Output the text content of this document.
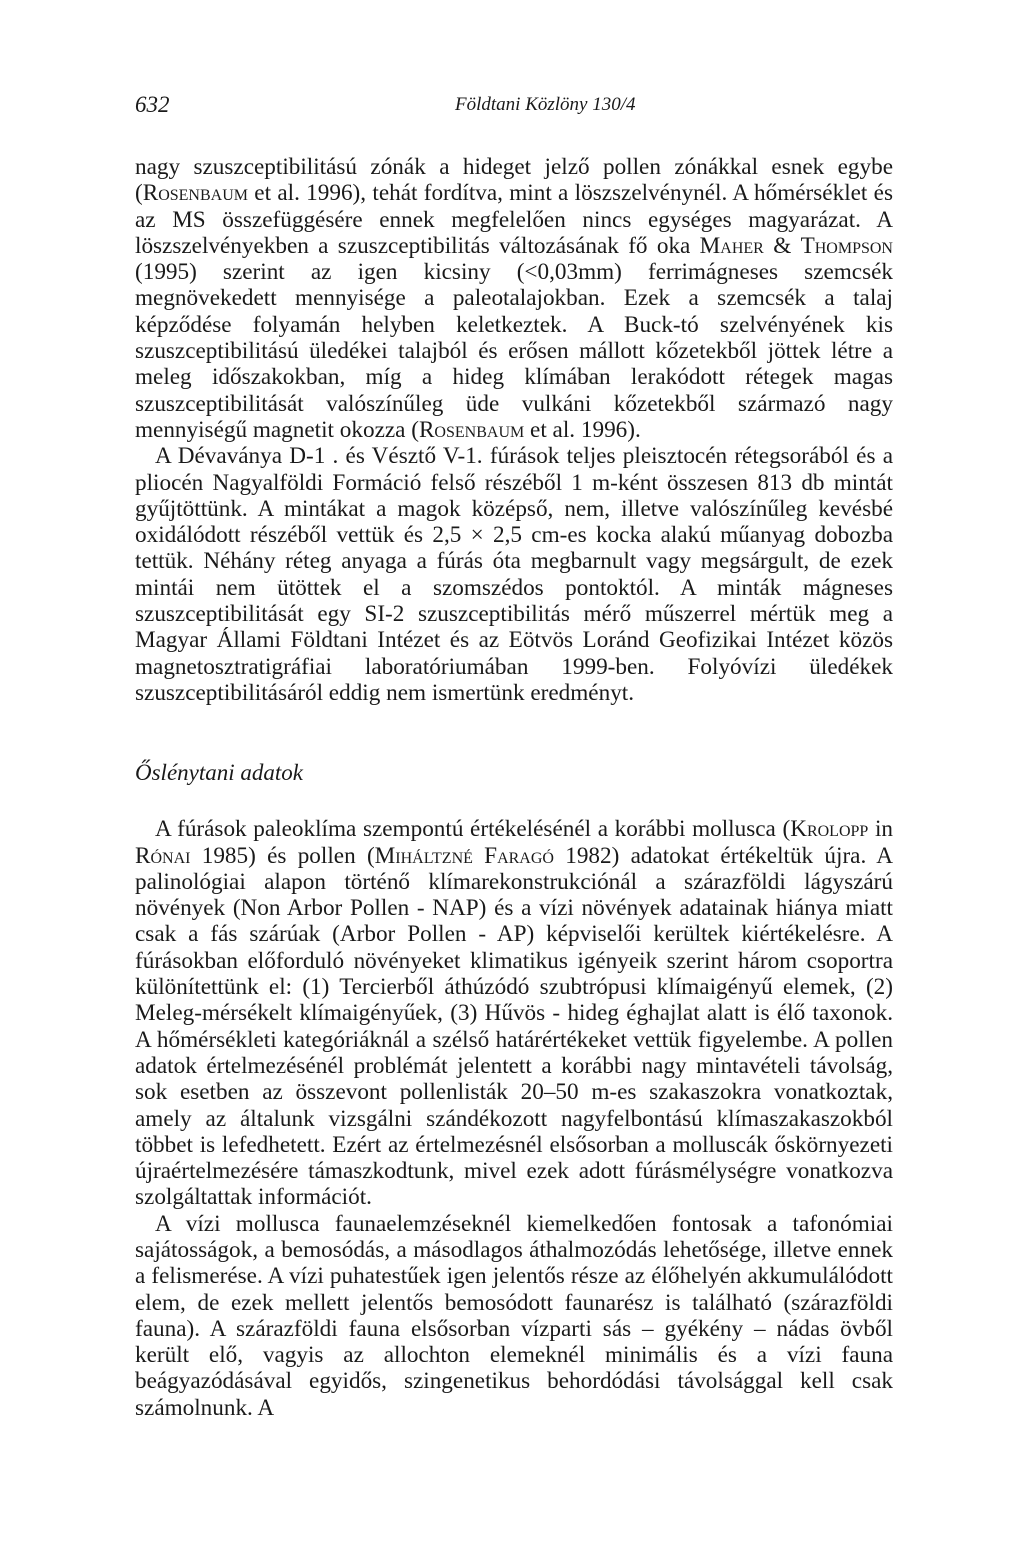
632	Földtani Közlöny 130/4

nagy szuszceptibilitású zónák a hideget jelző pollen zónákkal esnek egybe (Rosenbaum et al. 1996), tehát fordítva, mint a löszszelvénynél. A hőmérséklet és az MS összefüggésére ennek megfelelően nincs egységes magyarázat. A löszszelvényekben a szuszceptibilitás változásának fő oka Maher & Thompson (1995) szerint az igen kicsiny (<0,03mm) ferrimágneses szemcsék megnövekedett mennyisége a paleotalajokban. Ezek a szemcsék a talaj képződése folyamán helyben keletkeztek. A Buck-tó szelvényének kis szuszceptibilitású üledékei talajból és erősen mállott kőzetekből jöttek létre a meleg időszakokban, míg a hideg klímában lerakódott rétegek magas szuszceptibilitását valószínűleg üde vulkáni kőzetekből származó nagy mennyiségű magnetit okozza (Rosenbaum et al. 1996).

A Dévaványa D-1 . és Vésztő V-1. fúrások teljes pleisztocén rétegsorából és a pliocén Nagyalföldi Formáció felső részéből 1 m-ként összesen 813 db mintát gyűjtöttünk. A mintákat a magok középső, nem, illetve valószínűleg kevésbé oxidálódott részéből vettük és 2,5 × 2,5 cm-es kocka alakú műanyag dobozba tettük. Néhány réteg anyaga a fúrás óta megbarnult vagy megsárgult, de ezek mintái nem ütöttek el a szomszédos pontoktól. A minták mágneses szuszceptibilitását egy SI-2 szuszceptibilitás mérő műszerrel mértük meg a Magyar Állami Földtani Intézet és az Eötvös Loránd Geofizikai Intézet közös magnetosztratigráfiai laboratóriumában 1999-ben. Folyóvízi üledékek szuszceptibilitásáról eddig nem ismertünk eredményt.

Őslénytani adatok

A fúrások paleoklíma szempontú értékelésénél a korábbi mollusca (Krolopp in Rónai 1985) és pollen (Miháltzné Faragó 1982) adatokat értékeltük újra. A palinológiai alapon történő klímarekonstrukciónál a szárazföldi lágyszárú növények (Non Arbor Pollen - NAP) és a vízi növények adatainak hiánya miatt csak a fás szárúak (Arbor Pollen - AP) képviselői kerültek kiértékelésre. A fúrásokban előforduló növényeket klimatikus igényeik szerint három csoportra különítettünk el: (1) Tercierből áthúzódó szubtrópusi klímaigényű elemek, (2) Meleg-mérsékelt klímaigényűek, (3) Hűvös - hideg éghajlat alatt is élő taxonok. A hőmérsékleti kategóriáknál a szélső határértékeket vettük figyelembe. A pollen adatok értelmezésénél problémát jelentett a korábbi nagy mintavételi távolság, sok esetben az összevont pollenlisták 20–50 m-es szakaszokra vonatkoztak, amely az általunk vizsgálni szándékozott nagyfelbontású klímaszakaszokból többet is lefedhetett. Ezért az értelmezésnél elsősorban a molluscák őskörnyezeti újraértelmezésére támaszkodtunk, mivel ezek adott fúrásmélységre vonatkozva szolgáltattak információt.

A vízi mollusca faunaelemzéseknél kiemelkedően fontosak a tafonómiai sajátosságok, a bemosódás, a másodlagos áthalmozódás lehetősége, illetve ennek a felismerése. A vízi puhatestűek igen jelentős része az élőhelyén akkumulálódott elem, de ezek mellett jelentős bemosódott faunarész is található (szárazföldi fauna). A szárazföldi fauna elsősorban vízparti sás – gyékény – nádas övből került elő, vagyis az allochton elemeknél minimális és a vízi fauna beágyazódásával egyidős, szingenetikus behordódási távolsággal kell csak számolnunk. A
